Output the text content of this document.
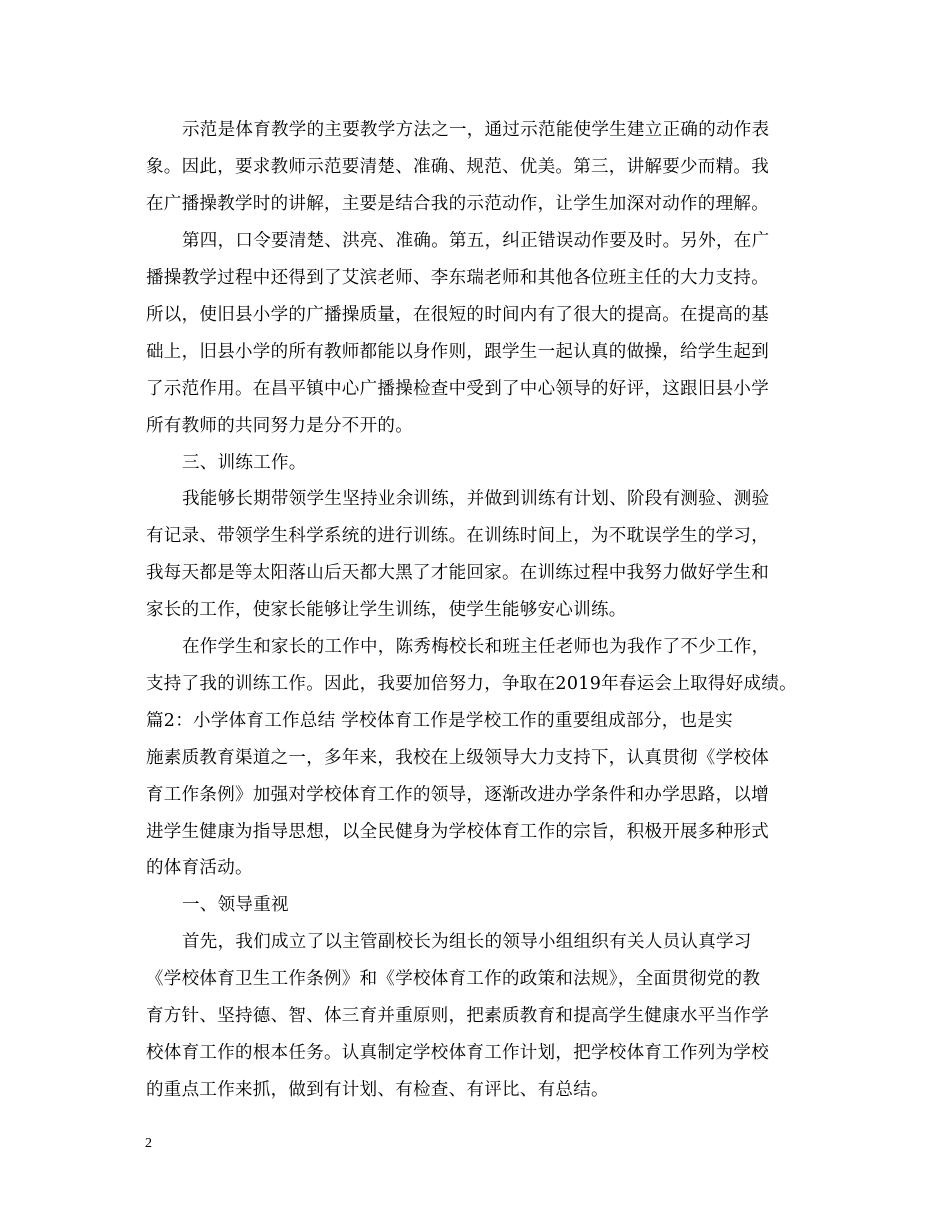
示范是体育教学的主要教学方法之一，通过示范能使学生建立正确的动作表
象。因此，要求教师示范要清楚、准确、规范、优美。第三，讲解要少而精。我
在广播操教学时的讲解，主要是结合我的示范动作，让学生加深对动作的理解。
第四，口令要清楚、洪亮、准确。第五，纠正错误动作要及时。另外，在广
播操教学过程中还得到了艾滨老师、李东瑞老师和其他各位班主任的大力支持。
所以，使旧县小学的广播操质量，在很短的时间内有了很大的提高。在提高的基
础上，旧县小学的所有教师都能以身作则，跟学生一起认真的做操，给学生起到
了示范作用。在昌平镇中心广播操检查中受到了中心领导的好评，这跟旧县小学
所有教师的共同努力是分不开的。
三、训练工作。
我能够长期带领学生坚持业余训练，并做到训练有计划、阶段有测验、测验
有记录、带领学生科学系统的进行训练。在训练时间上，为不耽误学生的学习，
我每天都是等太阳落山后天都大黑了才能回家。在训练过程中我努力做好学生和
家长的工作，使家长能够让学生训练，使学生能够安心训练。
在作学生和家长的工作中，陈秀梅校长和班主任老师也为我作了不少工作，
支持了我的训练工作。因此，我要加倍努力，争取在2019年春运会上取得好成绩。
篇2：小学体育工作总结 学校体育工作是学校工作的重要组成部分，也是实
施素质教育渠道之一，多年来，我校在上级领导大力支持下，认真贯彻《学校体
育工作条例》加强对学校体育工作的领导，逐渐改进办学条件和办学思路，以增
进学生健康为指导思想，以全民健身为学校体育工作的宗旨，积极开展多种形式
的体育活动。
一、领导重视
首先，我们成立了以主管副校长为组长的领导小组组织有关人员认真学习
《学校体育卫生工作条例》和《学校体育工作的政策和法规》，全面贯彻党的教
育方针、坚持德、智、体三育并重原则，把素质教育和提高学生健康水平当作学
校体育工作的根本任务。认真制定学校体育工作计划，把学校体育工作列为学校
的重点工作来抓，做到有计划、有检查、有评比、有总结。
2
